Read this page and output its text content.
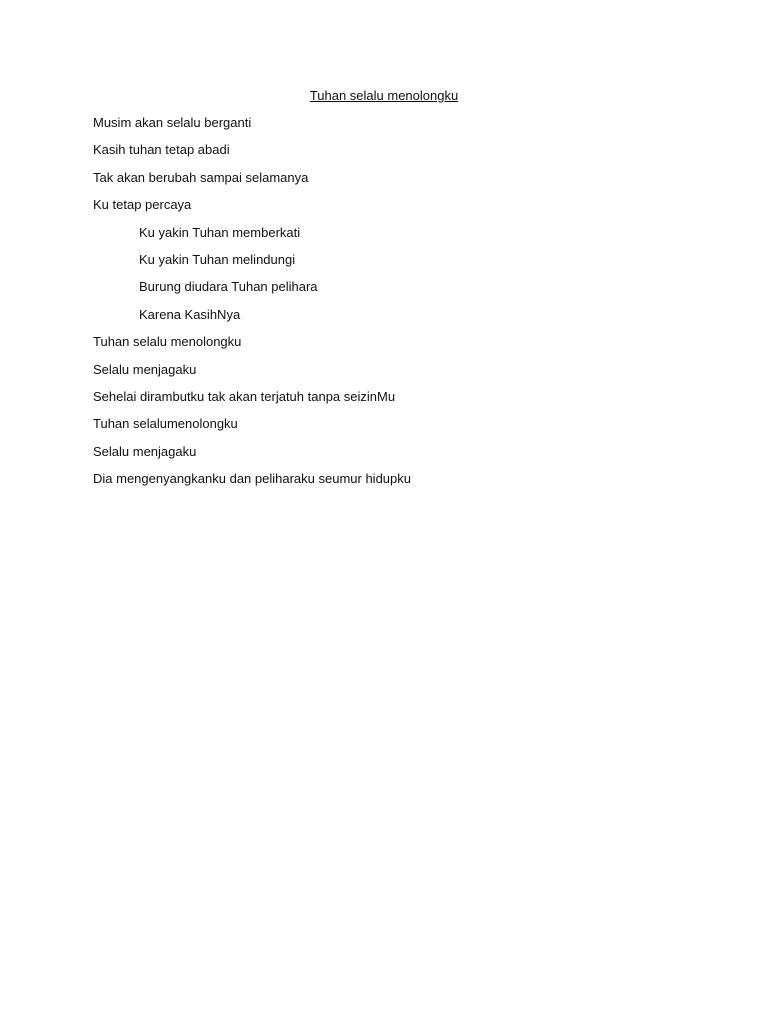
Tuhan selalu menolongku
Musim akan selalu berganti
Kasih tuhan tetap abadi
Tak akan berubah sampai selamanya
Ku tetap percaya
Ku yakin Tuhan memberkati
Ku yakin Tuhan melindungi
Burung diudara Tuhan pelihara
Karena KasihNya
Tuhan selalu menolongku
Selalu menjagaku
Sehelai dirambutku tak akan terjatuh tanpa seizinMu
Tuhan selalumenolongku
Selalu menjagaku
Dia mengenyangkanku dan peliharaku seumur hidupku
